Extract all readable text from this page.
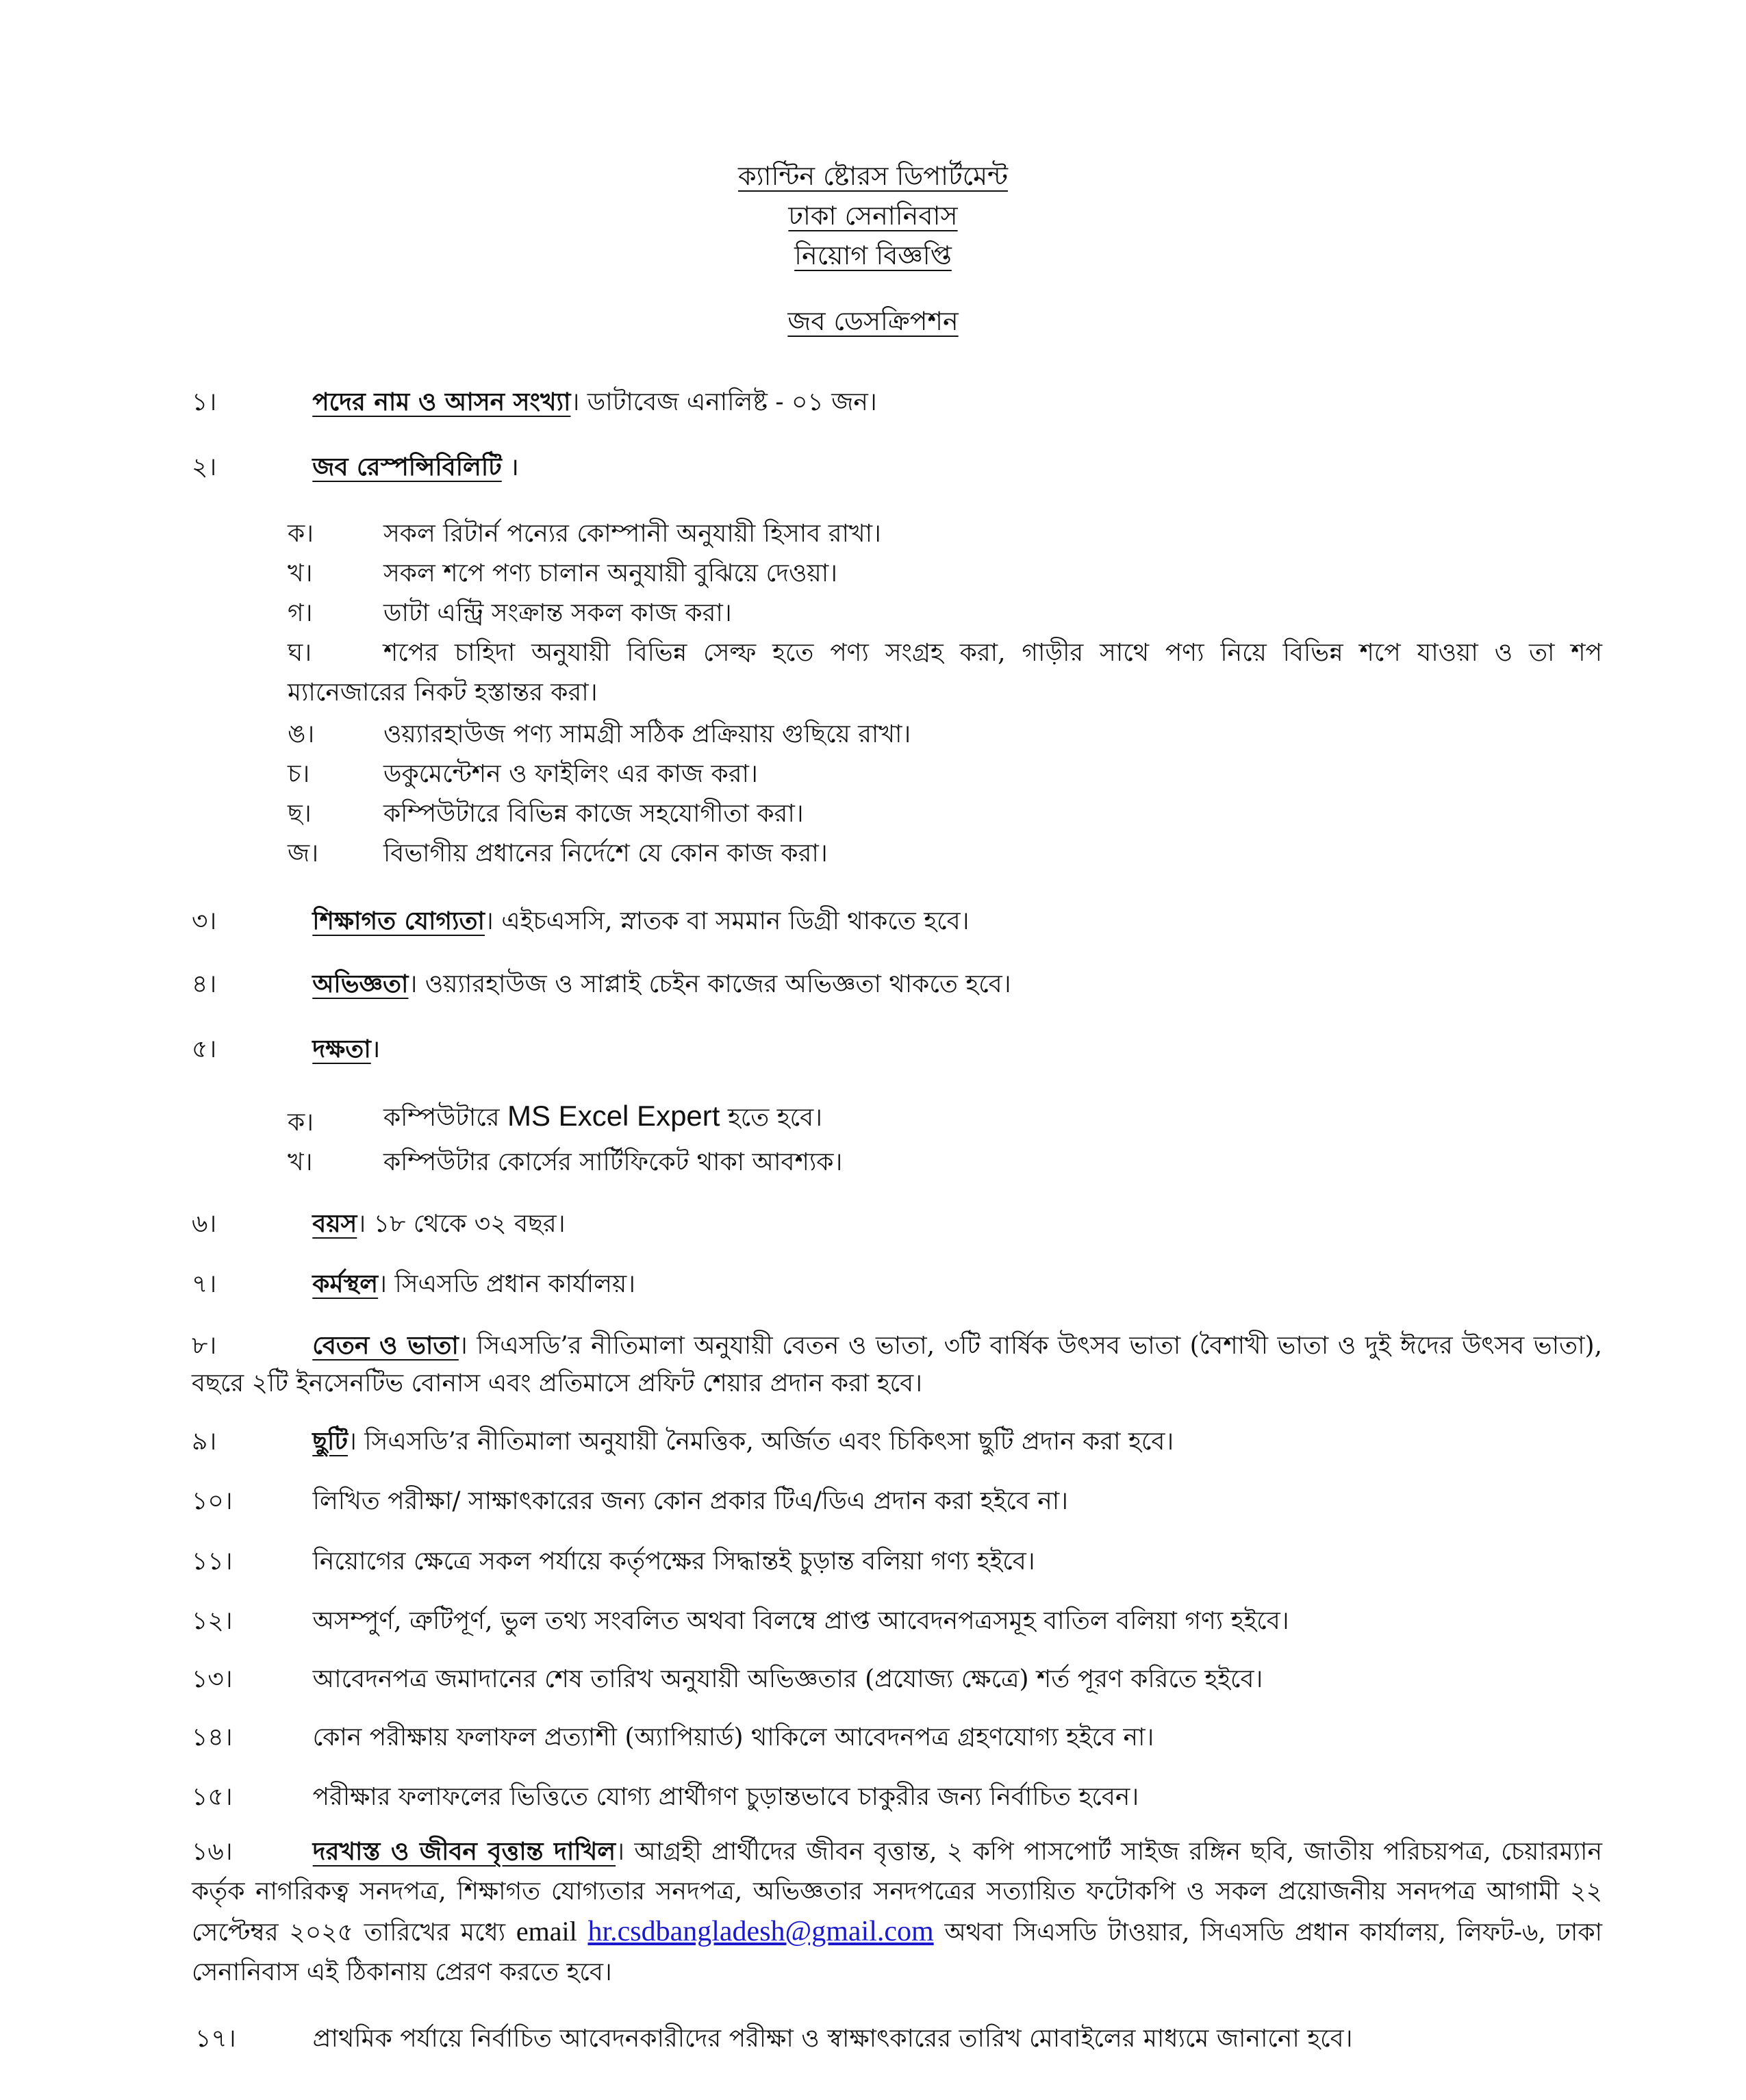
ক্যান্টিন ষ্টোরস ডিপার্টমেন্ট
ঢাকা সেনানিবাস
নিয়োগ বিজ্ঞপ্তি
জব ডেসক্রিপশন
১।	পদের নাম ও আসন সংখ্যা। ডাটাবেজ এনালিষ্ট - ০১ জন।
২।	জব রেস্পন্সিবিলিটি ।
ক।	সকল রিটার্ন পন্যের কোম্পানী অনুযায়ী হিসাব রাখা।
খ।	সকল শপে পণ্য চালান অনুযায়ী বুঝিয়ে দেওয়া।
গ।	ডাটা এন্ট্রি সংক্রান্ত সকল কাজ করা।
ঘ।	শপের চাহিদা অনুযায়ী বিভিন্ন সেল্ফ হতে পণ্য সংগ্রহ করা, গাড়ীর সাথে পণ্য নিয়ে বিভিন্ন শপে যাওয়া ও তা শপ
ম্যানেজারের নিকট হস্তান্তর করা।
ঙ।	ওয়্যারহাউজ পণ্য সামগ্রী সঠিক প্রক্রিয়ায় গুছিয়ে রাখা।
চ।	ডকুমেন্টেশন ও ফাইলিং এর কাজ করা।
ছ।	কম্পিউটারে বিভিন্ন কাজে সহযোগীতা করা।
জ।	বিভাগীয় প্রধানের নির্দেশে যে কোন কাজ করা।
৩।	শিক্ষাগত যোগ্যতা। এইচএসসি, স্নাতক বা সমমান ডিগ্রী থাকতে হবে।
৪।	অভিজ্ঞতা। ওয়্যারহাউজ ও সাপ্লাই চেইন কাজের অভিজ্ঞতা থাকতে হবে।
৫।	দক্ষতা।
ক।	কম্পিউটারে MS Excel Expert হতে হবে।
খ।	কম্পিউটার কোর্সের সার্টিফিকেট থাকা আবশ্যক।
৬।	বয়স। ১৮ থেকে ৩২ বছর।
৭।	কর্মস্থল। সিএসডি প্রধান কার্যালয়।
৮।	বেতন ও ভাতা। সিএসডি’র নীতিমালা অনুযায়ী বেতন ও ভাতা, ৩টি বার্ষিক উৎসব ভাতা (বৈশাখী ভাতা ও দুই ঈদের উৎসব ভাতা),
বছরে ২টি ইনসেনটিভ বোনাস এবং প্রতিমাসে প্রফিট শেয়ার প্রদান করা হবে।
৯।	ছুটি। সিএসডি’র নীতিমালা অনুযায়ী নৈমত্তিক, অর্জিত এবং চিকিৎসা ছুটি প্রদান করা হবে।
১০।	লিখিত পরীক্ষা/ সাক্ষাৎকারের জন্য কোন প্রকার টিএ/ডিএ প্রদান করা হইবে না।
১১।	নিয়োগের ক্ষেত্রে সকল পর্যায়ে কর্তৃপক্ষের সিদ্ধান্তই চুড়ান্ত বলিয়া গণ্য হইবে।
১২।	অসম্পুর্ণ, ত্রুটিপূর্ণ, ভুল তথ্য সংবলিত অথবা বিলম্বে প্রাপ্ত আবেদনপত্রসমূহ বাতিল বলিয়া গণ্য হইবে।
১৩।	আবেদনপত্র জমাদানের শেষ তারিখ অনুযায়ী অভিজ্ঞতার (প্রযোজ্য ক্ষেত্রে) শর্ত পূরণ করিতে হইবে।
১৪।	কোন পরীক্ষায় ফলাফল প্রত্যাশী (অ্যাপিয়ার্ড) থাকিলে আবেদনপত্র গ্রহণযোগ্য হইবে না।
১৫।	পরীক্ষার ফলাফলের ভিত্তিতে যোগ্য প্রার্থীগণ চুড়ান্তভাবে চাকুরীর জন্য নির্বাচিত হবেন।
১৬।	দরখাস্ত ও জীবন বৃত্তান্ত দাখিল। আগ্রহী প্রার্থীদের জীবন বৃত্তান্ত, ২ কপি পাসপোর্ট সাইজ রঙ্গিন ছবি, জাতীয় পরিচয়পত্র, চেয়ারম্যান কর্তৃক নাগরিকত্ব সনদপত্র, শিক্ষাগত যোগ্যতার সনদপত্র, অভিজ্ঞতার সনদপত্রের সত্যায়িত ফটোকপি ও সকল প্রয়োজনীয় সনদপত্র আগামী ২২ সেপ্টেম্বর ২০২৫ তারিখের মধ্যে email hr.csdbangladesh@gmail.com অথবা সিএসডি টাওয়ার, সিএসডি প্রধান কার্যালয়, লিফট-৬, ঢাকা সেনানিবাস এই ঠিকানায় প্রেরণ করতে হবে।
১৭।	প্রাথমিক পর্যায়ে নির্বাচিত আবেদনকারীদের পরীক্ষা ও স্বাক্ষাৎকারের তারিখ মোবাইলের মাধ্যমে জানানো হবে।
